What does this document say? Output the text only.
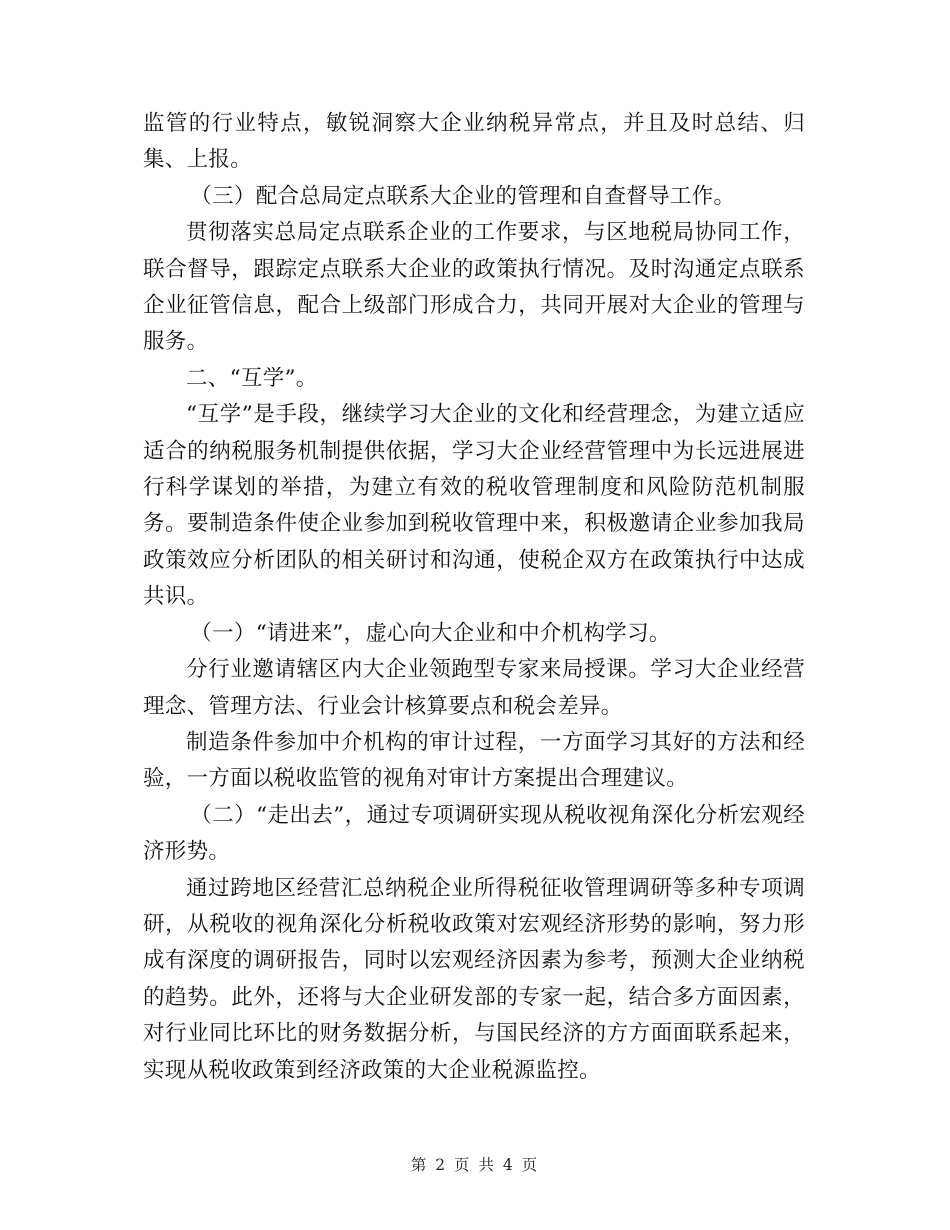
监管的行业特点，敏锐洞察大企业纳税异常点，并且及时总结、归集、上报。

（三）配合总局定点联系大企业的管理和自查督导工作。

贯彻落实总局定点联系企业的工作要求，与区地税局协同工作，联合督导，跟踪定点联系大企业的政策执行情况。及时沟通定点联系企业征管信息，配合上级部门形成合力，共同开展对大企业的管理与服务。

二、“互学”。

“互学”是手段，继续学习大企业的文化和经营理念，为建立适应适合的纳税服务机制提供依据，学习大企业经营管理中为长远进展进行科学谋划的举措，为建立有效的税收管理制度和风险防范机制服务。要制造条件使企业参加到税收管理中来，积极邀请企业参加我局政策效应分析团队的相关研讨和沟通，使税企双方在政策执行中达成共识。

（一）“请进来”，虚心向大企业和中介机构学习。

分行业邀请辖区内大企业领跑型专家来局授课。学习大企业经营理念、管理方法、行业会计核算要点和税会差异。

制造条件参加中介机构的审计过程，一方面学习其好的方法和经验，一方面以税收监管的视角对审计方案提出合理建议。

（二）“走出去”，通过专项调研实现从税收视角深化分析宏观经济形势。

通过跨地区经营汇总纳税企业所得税征收管理调研等多种专项调研，从税收的视角深化分析税收政策对宏观经济形势的影响，努力形成有深度的调研报告，同时以宏观经济因素为参考，预测大企业纳税的趋势。此外，还将与大企业研发部的专家一起，结合多方面因素，对行业同比环比的财务数据分析，与国民经济的方方面面联系起来，实现从税收政策到经济政策的大企业税源监控。

第 2 页 共 4 页
